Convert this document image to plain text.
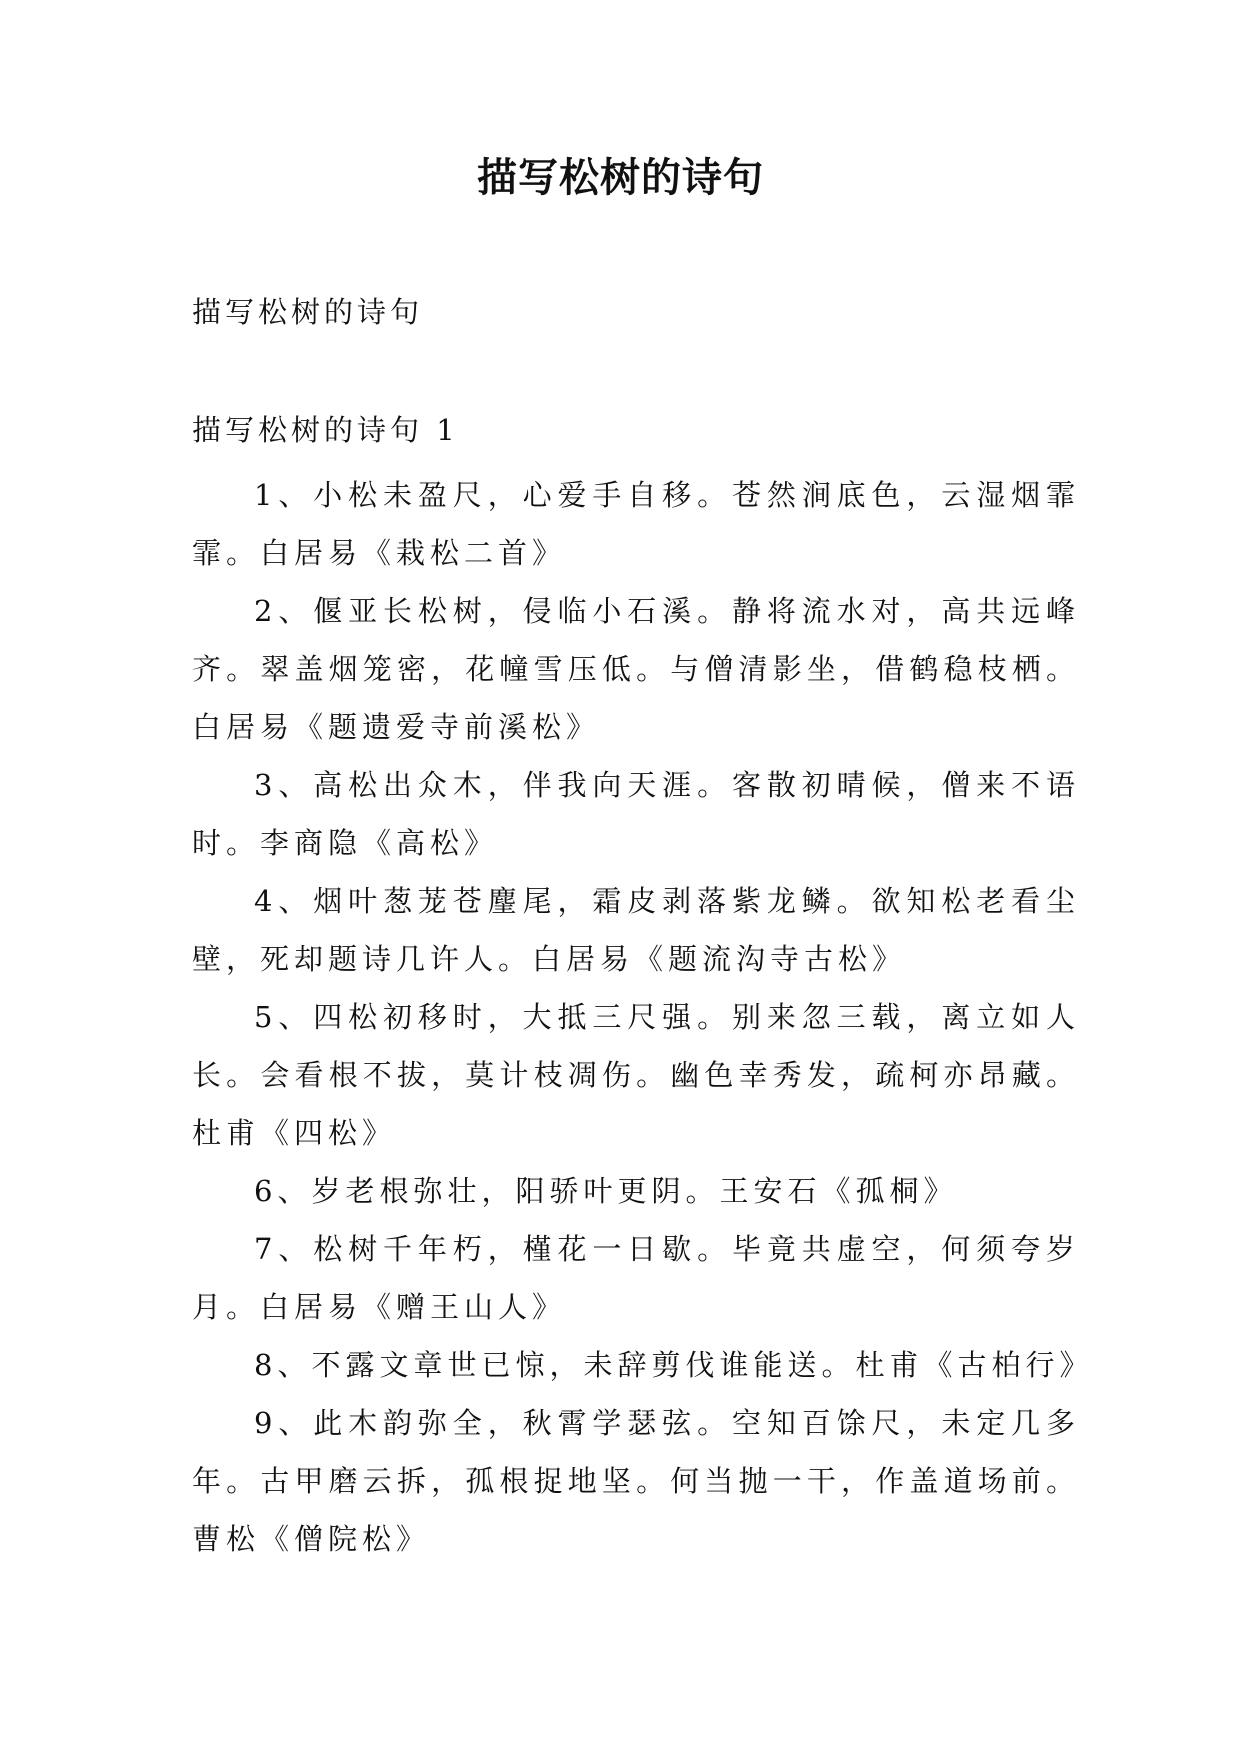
描写松树的诗句
描写松树的诗句
描写松树的诗句 1

1、小松未盈尺，心爱手自移。苍然涧底色，云湿烟霏霏。白居易《栽松二首》

2、偃亚长松树，侵临小石溪。静将流水对，高共远峰齐。翠盖烟笼密，花幢雪压低。与僧清影坐，借鹤稳枝栖。白居易《题遗爱寺前溪松》

3、高松出众木，伴我向天涯。客散初晴候，僧来不语时。李商隐《高松》

4、烟叶葱茏苍麈尾，霜皮剥落紫龙鳞。欲知松老看尘壁，死却题诗几许人。白居易《题流沟寺古松》

5、四松初移时，大抵三尺强。别来忽三载，离立如人长。会看根不拔，莫计枝凋伤。幽色幸秀发，疏柯亦昂藏。杜甫《四松》

6、岁老根弥壮，阳骄叶更阴。王安石《孤桐》

7、松树千年朽，槿花一日歇。毕竟共虚空，何须夸岁月。白居易《赠王山人》

8、不露文章世已惊，未辞剪伐谁能送。杜甫《古柏行》

9、此木韵弥全，秋霄学瑟弦。空知百馀尺，未定几多年。古甲磨云拆，孤根捉地坚。何当抛一干，作盖道场前。曹松《僧院松》
